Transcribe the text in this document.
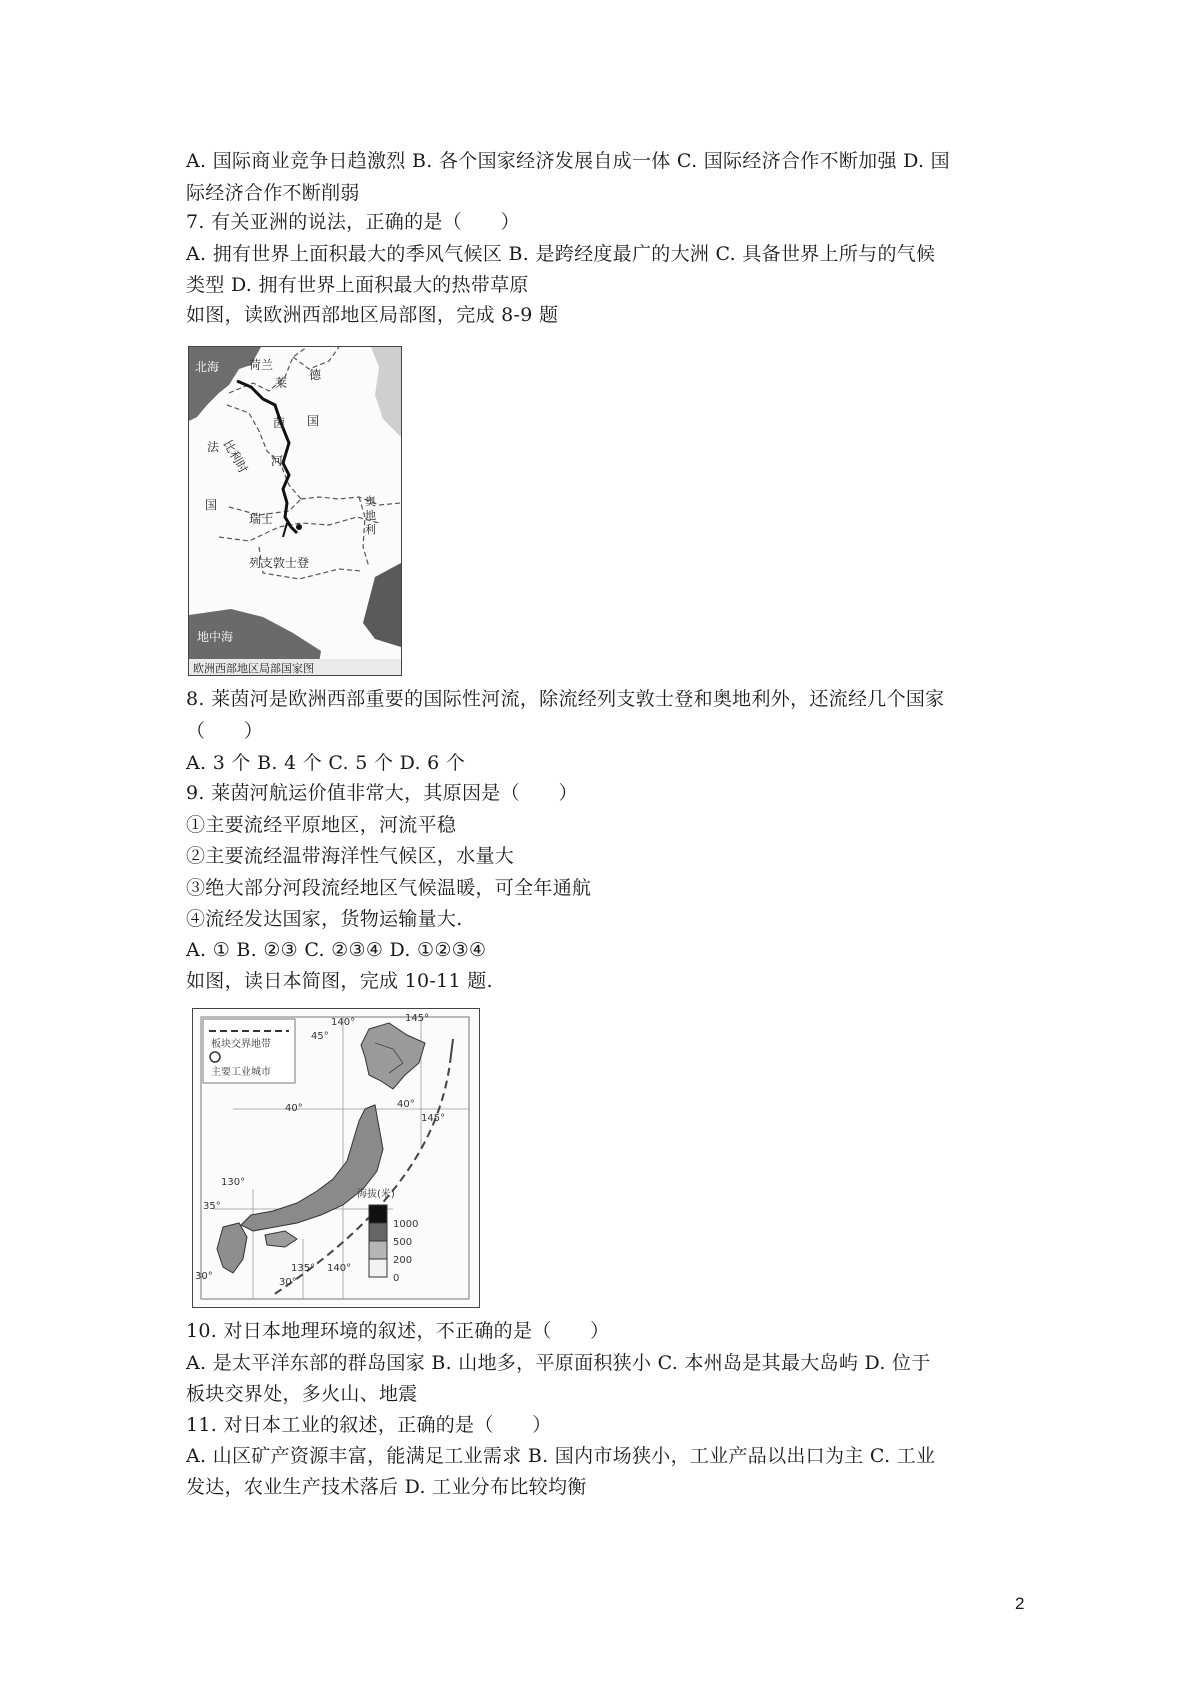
A. 国际商业竞争日趋激烈 B. 各个国家经济发展自成一体 C. 国际经济合作不断加强 D. 国
际经济合作不断削弱
7. 有关亚洲的说法，正确的是（　　）
A. 拥有世界上面积最大的季风气候区 B. 是跨经度最广的大洲 C. 具备世界上所与的气候
类型 D. 拥有世界上面积最大的热带草原
如图，读欧洲西部地区局部图，完成 8-9 题
北海 荷兰
比利时
莱
茵
河
德
国
法
国
瑞士
列支敦士登
奥
地
利
地中海
欧洲西部地区局部国家图
8. 莱茵河是欧洲西部重要的国际性河流，除流经列支敦士登和奥地利外，还流经几个国家
（　　）
A. 3 个 B. 4 个 C. 5 个 D. 6 个
9. 莱茵河航运价值非常大，其原因是（　　）
①主要流经平原地区，河流平稳
②主要流经温带海洋性气候区，水量大
③绝大部分河段流经地区气候温暖，可全年通航
④流经发达国家，货物运输量大.
A. ① B. ②③ C. ②③④ D. ①②③④
如图，读日本简图，完成 10-11 题.
板块交界地带
主要工业城市
海拔(米)
1000
500
200
0
140°	145°
45°
145°
40°	40°
130°
35°
30°
135°
30°
140°
10. 对日本地理环境的叙述，不正确的是（　　）
A. 是太平洋东部的群岛国家 B. 山地多，平原面积狭小 C. 本州岛是其最大岛屿 D. 位于
板块交界处，多火山、地震
11. 对日本工业的叙述，正确的是（　　）
A. 山区矿产资源丰富，能满足工业需求 B. 国内市场狭小，工业产品以出口为主 C. 工业
发达，农业生产技术落后 D. 工业分布比较均衡
2
